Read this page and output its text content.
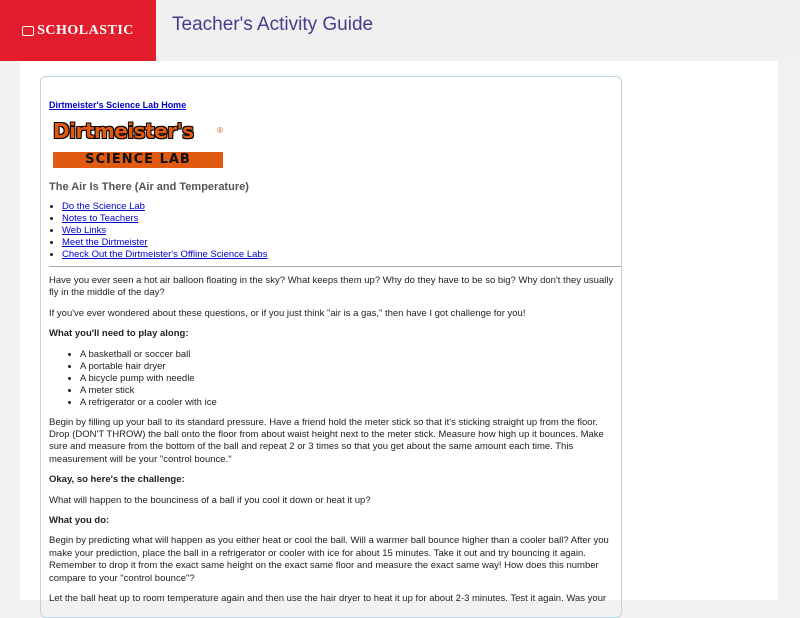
SCHOLASTIC Teacher's Activity Guide
Dirtmeister's Science Lab Home
Dirtmeister's	®
SCIENCE LAB
The Air Is There (Air and Temperature)
• Do the Science Lab
• Notes to Teachers
• Web Links
• Meet the Dirtmeister
• Check Out the Dirtmeister's Offline Science Labs

Have you ever seen a hot air balloon floating in the sky? What keeps them up? Why do they have to be so big? Why don't they usually fly in the middle of the day?

If you've ever wondered about these questions, or if you just think "air is a gas," then have I got challenge for you!

What you'll need to play along:

• A basketball or soccer ball
• A portable hair dryer
• A bicycle pump with needle
• A meter stick
• A refrigerator or a cooler with ice

Begin by filling up your ball to its standard pressure. Have a friend hold the meter stick so that it's sticking straight up from the floor. Drop (DON'T THROW) the ball onto the floor from about waist height next to the meter stick. Measure how high up it bounces. Make sure and measure from the bottom of the ball and repeat 2 or 3 times so that you get about the same amount each time. This measurement will be your "control bounce."

Okay, so here's the challenge:

What will happen to the bounciness of a ball if you cool it down or heat it up?

What you do:

Begin by predicting what will happen as you either heat or cool the ball. Will a warmer ball bounce higher than a cooler ball? After you make your prediction, place the ball in a refrigerator or cooler with ice for about 15 minutes. Take it out and try bouncing it again. Remember to drop it from the exact same height on the exact same floor and measure the exact same way! How does this number compare to your "control bounce"?

Let the ball heat up to room temperature again and then use the hair dryer to heat it up for about 2-3 minutes. Test it again. Was your
